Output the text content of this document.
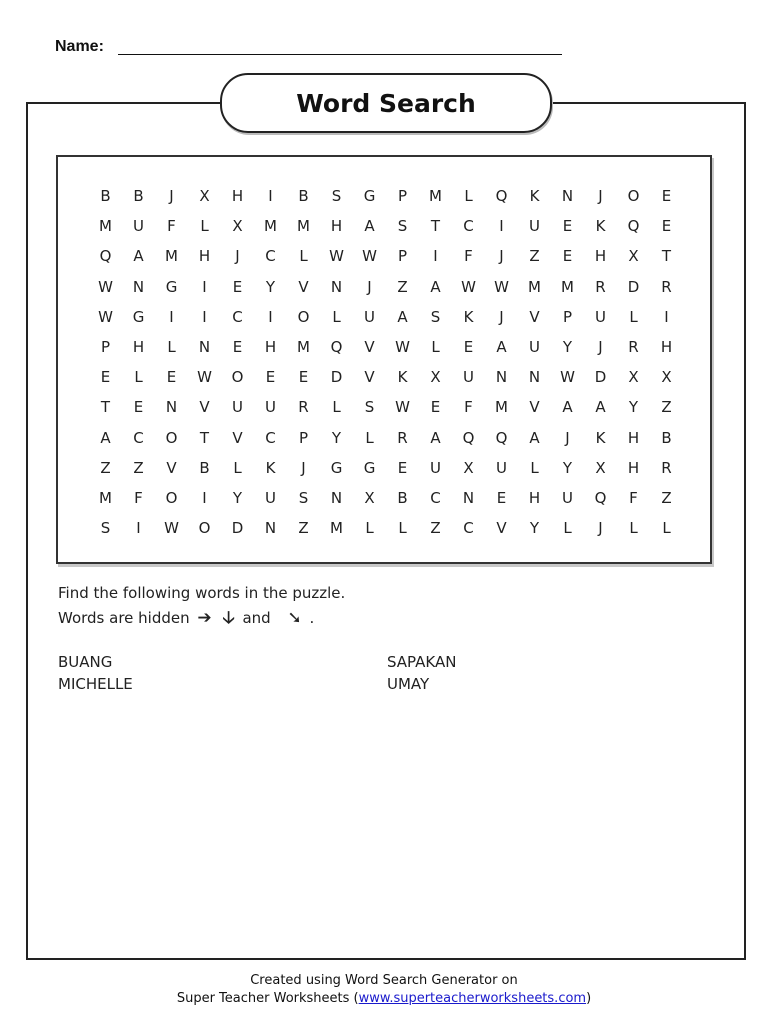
Name:
Word Search
B	B	J	X	H	I	B	S	G	P	M	L	Q	K	N	J	O	E
M	U	F	L	X	M	M	H	A	S	T	C	I	U	E	K	Q	E
Q	A	M	H	J	C	L	W	W	P	I	F	J	Z	E	H	X	T
W	N	G	I	E	Y	V	N	J	Z	A	W	W	M	M	R	D	R
W	G	I	I	C	I	O	L	U	A	S	K	J	V	P	U	L	I
P	H	L	N	E	H	M	Q	V	W	L	E	A	U	Y	J	R	H
E	L	E	W	O	E	E	D	V	K	X	U	N	N	W	D	X	X
T	E	N	V	U	U	R	L	S	W	E	F	M	V	A	A	Y	Z
A	C	O	T	V	C	P	Y	L	R	A	Q	Q	A	J	K	H	B
Z	Z	V	B	L	K	J	G	G	E	U	X	U	L	Y	X	H	R
M	F	O	I	Y	U	S	N	X	B	C	N	E	H	U	Q	F	Z
S	I	W	O	D	N	Z	M	L	L	Z	C	V	Y	L	J	L	L
Find the following words in the puzzle.
Words are hidden ➔ 🡣 and ➘ .
BUANG	SAPAKAN
MICHELLE	UMAY
Created using Word Search Generator on
Super Teacher Worksheets (www.superteacherworksheets.com)
